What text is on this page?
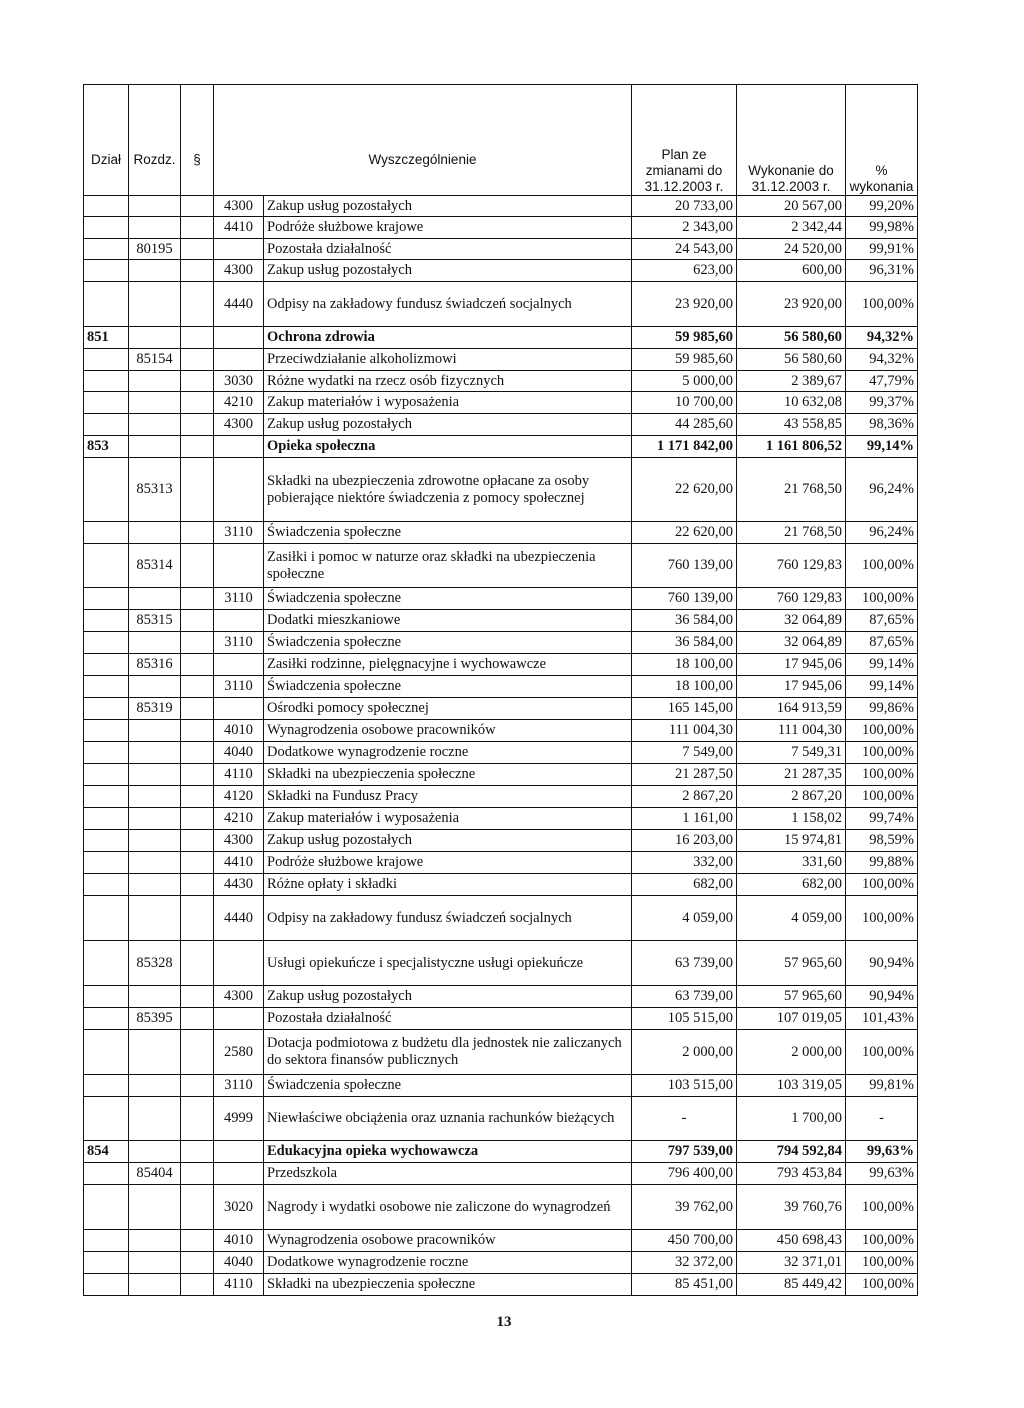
Dział	Rozdz.	§	Wyszczególnienie		Plan ze zmianami do 31.12.2003 r.	Wykonanie do 31.12.2003 r.	% wykonania
			4300	Zakup usług pozostałych	20 733,00	20 567,00	99,20%
			4410	Podróże służbowe krajowe	2 343,00	2 342,44	99,98%
	80195			Pozostała działalność	24 543,00	24 520,00	99,91%
			4300	Zakup usług pozostałych	623,00	600,00	96,31%
			4440	Odpisy na zakładowy fundusz świadczeń socjalnych	23 920,00	23 920,00	100,00%
851				Ochrona zdrowia	59 985,60	56 580,60	94,32%
	85154			Przeciwdziałanie alkoholizmowi	59 985,60	56 580,60	94,32%
			3030	Różne wydatki na rzecz osób fizycznych	5 000,00	2 389,67	47,79%
			4210	Zakup materiałów i wyposażenia	10 700,00	10 632,08	99,37%
			4300	Zakup usług pozostałych	44 285,60	43 558,85	98,36%
853				Opieka społeczna	1 171 842,00	1 161 806,52	99,14%
	85313			Składki na ubezpieczenia zdrowotne opłacane za osoby pobierające niektóre świadczenia z pomocy społecznej	22 620,00	21 768,50	96,24%
			3110	Świadczenia społeczne	22 620,00	21 768,50	96,24%
	85314			Zasiłki i pomoc w naturze oraz składki na ubezpieczenia społeczne	760 139,00	760 129,83	100,00%
			3110	Świadczenia społeczne	760 139,00	760 129,83	100,00%
	85315			Dodatki mieszkaniowe	36 584,00	32 064,89	87,65%
			3110	Świadczenia społeczne	36 584,00	32 064,89	87,65%
	85316			Zasiłki rodzinne, pielęgnacyjne i wychowawcze	18 100,00	17 945,06	99,14%
			3110	Świadczenia społeczne	18 100,00	17 945,06	99,14%
	85319			Ośrodki pomocy społecznej	165 145,00	164 913,59	99,86%
			4010	Wynagrodzenia osobowe pracowników	111 004,30	111 004,30	100,00%
			4040	Dodatkowe wynagrodzenie roczne	7 549,00	7 549,31	100,00%
			4110	Składki na ubezpieczenia społeczne	21 287,50	21 287,35	100,00%
			4120	Składki na Fundusz Pracy	2 867,20	2 867,20	100,00%
			4210	Zakup materiałów i wyposażenia	1 161,00	1 158,02	99,74%
			4300	Zakup usług pozostałych	16 203,00	15 974,81	98,59%
			4410	Podróże służbowe krajowe	332,00	331,60	99,88%
			4430	Różne opłaty i składki	682,00	682,00	100,00%
			4440	Odpisy na zakładowy fundusz świadczeń socjalnych	4 059,00	4 059,00	100,00%
	85328			Usługi opiekuńcze i specjalistyczne usługi opiekuńcze	63 739,00	57 965,60	90,94%
			4300	Zakup usług pozostałych	63 739,00	57 965,60	90,94%
	85395			Pozostała działalność	105 515,00	107 019,05	101,43%
			2580	Dotacja podmiotowa z budżetu dla jednostek nie zaliczanych do sektora finansów publicznych	2 000,00	2 000,00	100,00%
			3110	Świadczenia społeczne	103 515,00	103 319,05	99,81%
			4999	Niewłaściwe obciążenia oraz uznania rachunków bieżących	-	1 700,00	-
854				Edukacyjna opieka wychowawcza	797 539,00	794 592,84	99,63%
	85404			Przedszkola	796 400,00	793 453,84	99,63%
			3020	Nagrody i wydatki osobowe nie zaliczone do wynagrodzeń	39 762,00	39 760,76	100,00%
			4010	Wynagrodzenia osobowe pracowników	450 700,00	450 698,43	100,00%
			4040	Dodatkowe wynagrodzenie roczne	32 372,00	32 371,01	100,00%
			4110	Składki na ubezpieczenia społeczne	85 451,00	85 449,42	100,00%
13
